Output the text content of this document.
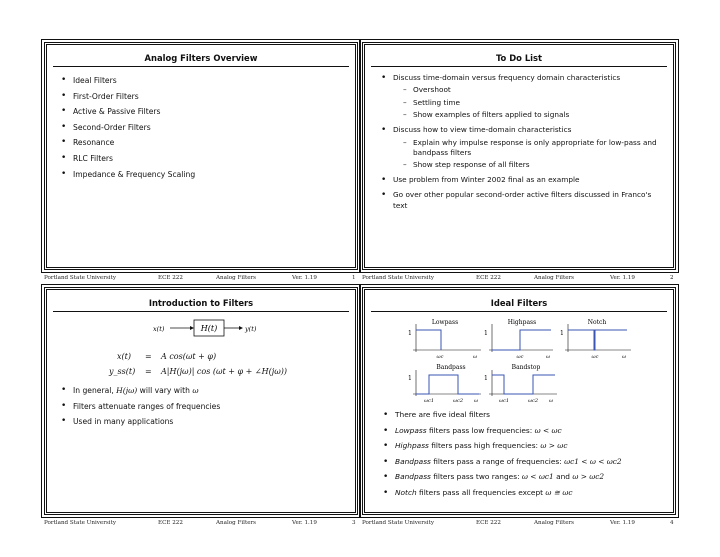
Analog Filters Overview
• Ideal Filters
• First-Order Filters
• Active & Passive Filters
• Second-Order Filters
• Resonance
• RLC Filters
• Impedance & Frequency Scaling
Portland State University	ECE 222	Analog Filters	Ver. 1.19	1
To Do List
• Discuss time-domain versus frequency domain characteristics
– Overshoot
– Settling time
– Show examples of filters applied to signals
• Discuss how to view time-domain characteristics
– Explain why impulse response is only appropriate for low-pass and bandpass filters
– Show step response of all filters
• Use problem from Winter 2002 final as an example
• Go over other popular second-order active filters discussed in Franco's text
Portland State University	ECE 222	Analog Filters	Ver. 1.19	2
Introduction to Filters
x(t)	H(t)	y(t)
x(t) = A cos(ωt + φ)
y_ss(t) = A|H(jω)| cos (ωt + φ + ∠H(jω))
• In general, H(jω) will vary with ω
• Filters attenuate ranges of frequencies
• Used in many applications
Portland State University	ECE 222	Analog Filters	Ver. 1.19	3
Ideal Filters
Lowpass
1
ωc	ω
Highpass
1
ωc	ω
Notch
1
ωc	ω
Bandpass
1
ωc1	ωc2 ω
Bandstop
1
ωc1	ωc2 ω
• There are five ideal filters
• Lowpass filters pass low frequencies: ω < ωc
• Highpass filters pass high frequencies: ω > ωc
• Bandpass filters pass a range of frequencies: ωc1 < ω < ωc2
• Bandpass filters pass two ranges: ω < ωc1 and ω > ωc2
• Notch filters pass all frequencies except ω ≅ ωc
Portland State University	ECE 222	Analog Filters	Ver. 1.19	4
